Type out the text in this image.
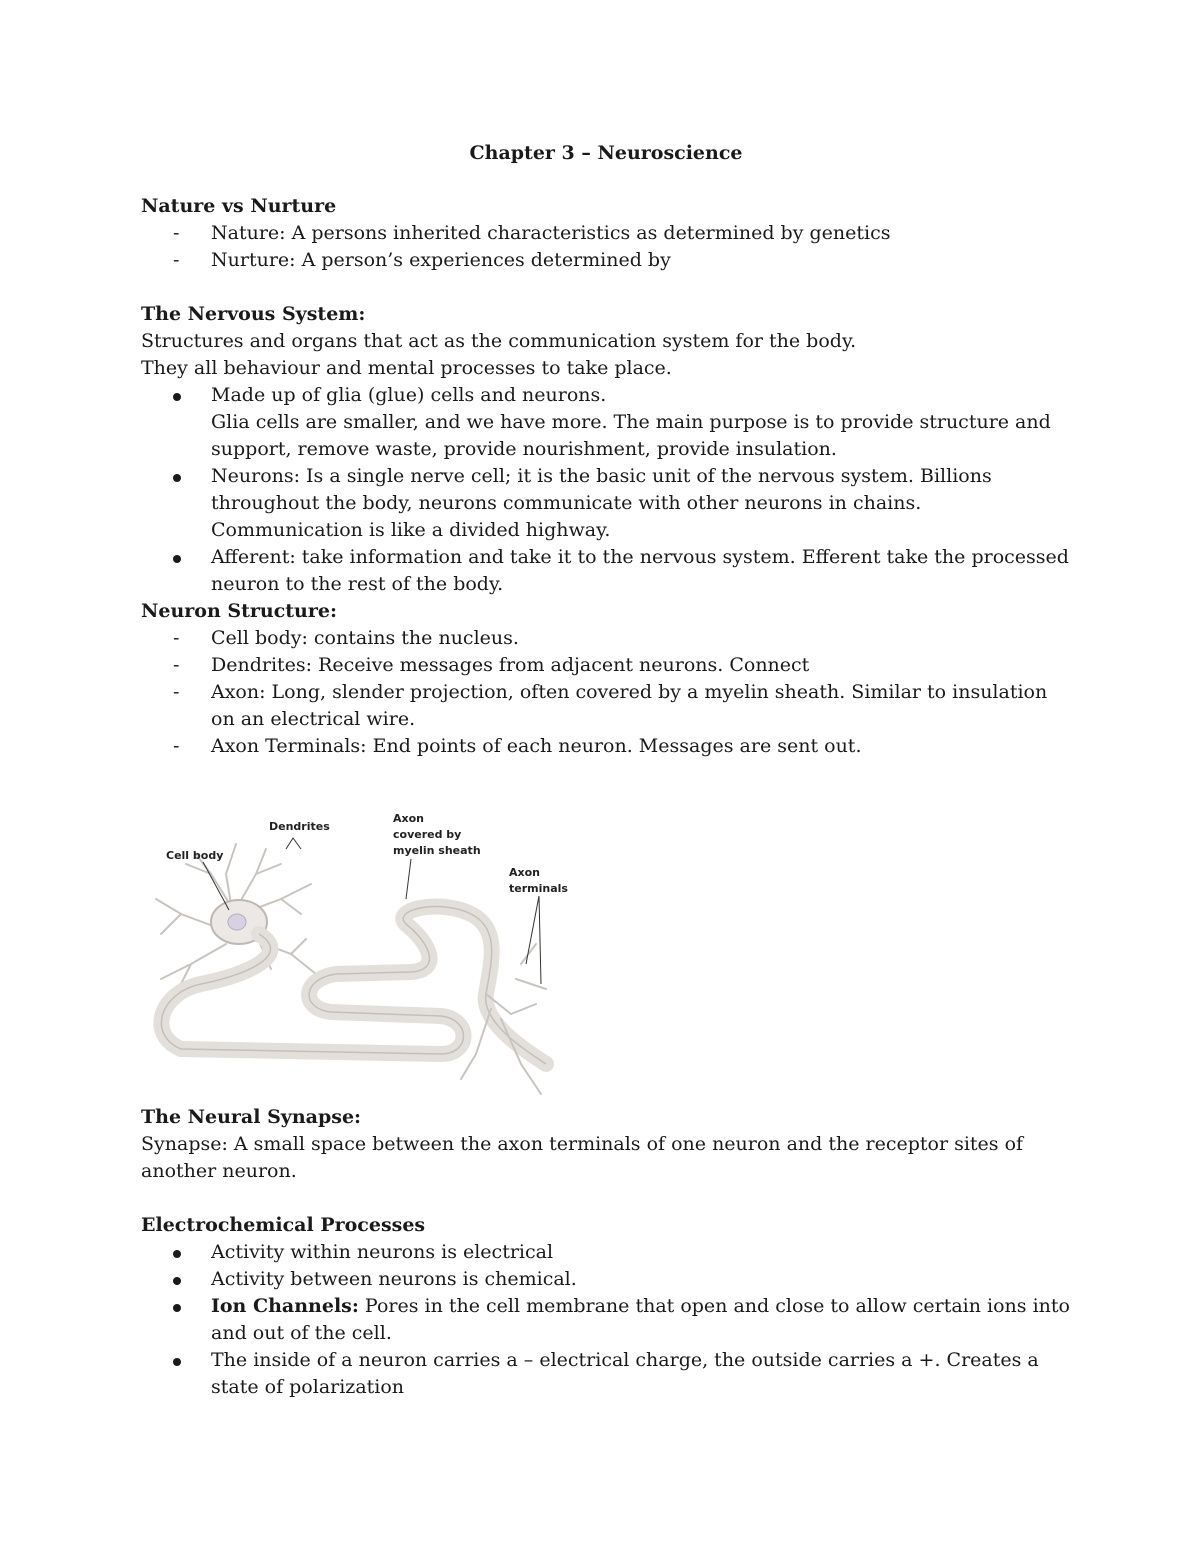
Chapter 3 – Neuroscience

Nature vs Nurture

- Nature: A persons inherited characteristics as determined by genetics
- Nurture: A person’s experiences determined by

The Nervous System:

Structures and organs that act as the communication system for the body.

They all behaviour and mental processes to take place.

Made up of glia (glue) cells and neurons.
Glia cells are smaller, and we have more. The main purpose is to provide structure and support, remove waste, provide nourishment, provide insulation.
Neurons: Is a single nerve cell; it is the basic unit of the nervous system. Billions throughout the body, neurons communicate with other neurons in chains. Communication is like a divided highway.
Afferent: take information and take it to the nervous system. Efferent take the processed neuron to the rest of the body.

Neuron Structure:

- Cell body: contains the nucleus.
- Dendrites: Receive messages from adjacent neurons. Connect
- Axon: Long, slender projection, often covered by a myelin sheath. Similar to insulation on an electrical wire.
- Axon Terminals: End points of each neuron. Messages are sent out.
Cell body
Dendrites
Axon
covered by
myelin sheath
Axon
terminals

The Neural Synapse:

Synapse: A small space between the axon terminals of one neuron and the receptor sites of another neuron.

Electrochemical Processes

Activity within neurons is electrical
Activity between neurons is chemical.
Ion Channels: Pores in the cell membrane that open and close to allow certain ions into and out of the cell.
The inside of a neuron carries a – electrical charge, the outside carries a +. Creates a state of polarization
